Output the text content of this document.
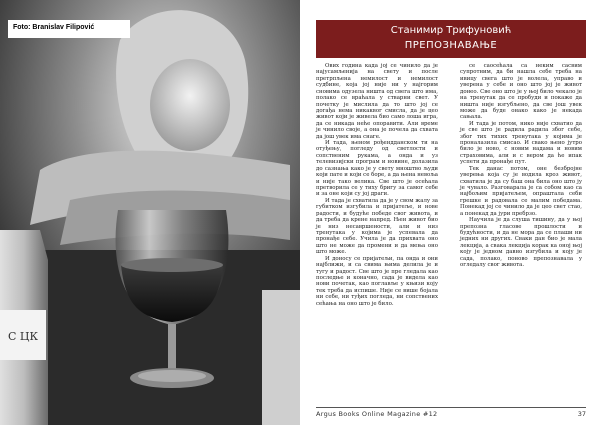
С ЦК
Foto: Branislav Filipović	Станимир Трифуновић
ПРЕПОЗНАВАЊЕ

Ових година када јој се чинило да је најусамљенија на свету и после претрпљена немилост и немилост судбине, која јој није ни у најгорим сновима одузела ништа од свега што има, полако се враћала у стварни свет. У почетку је мислила да то што јој се догађа нема никаквог смисла, да је цео живот који је живела био само лоша игра, да се никада неће опоравити. Али време је чинило своје, а она је почела да схвата да још увек има снаге.

И тада, њеном рођендданском ти на отуђењу, погледу од светлости и сопственим рукама, а онда и уз телевизијски програм и новине, долазила до сазнања како је у свету мноштво људи који пате и који се боре, а да њена невоља и није тако велика. Све што је осећала претворила се у тиху бригу за самог себе и за оне који су јој драги.

И тада је схватила да је у свом жалу за губитком изгубила и пријатеље, и нове радости, и будуће победе свог живота, и да треба да крене напред. Њен живот био је низ несавршености, али и низ тренутака у којима је успевала да пронађе себе. Учила је да прихвата оно што не може да промени и да мења оно што може.

И доносу се пријатељи, па онда и они најближи, и са свима њима делила је и тугу и радост. Све што је пре гледала као последње и коначно, сада је видела као нови почетак, као поглавље у књизи коју тек треба да испише. Није се више бојала ни себе, ни туђих погледа, ни сопствених сећања на оно што је било.

се саосећала са неким сасвим супротним, да би нашла себе треба на ивицу свега што је волела, управо и уверена у себе и оно што јој је живот донео. Све оно што је у њој било чекало је на тренутак да се пробуди и покаже да ништа није изгубљено, да све још увек може да буде онако како је некада сањала.

И тада је потом, нико није схватио да је све што је радила радила због себе, због тих тихих тренутака у којима је проналазила смисао. И свако њено јутро било је ново, с новим надама и новим страховима, али и с вером да ће ипак успети да пронађе пут.

Тек данас потом, оне безбројне уверења која су је водила кроз живот, схватила је да су баш она била оно што ју је чувало. Разговарала је са собом као са најбољим пријатељем, опраштала себи грешке и радовала се малим победама. Понекад јој се чинило да је цео свет стао, а понекад да јури пребрзо.

Научила је да слуша тишину, да у њој препозна гласове прошлости и будућности, и да не мора да се плаши ни једних ни других. Сваки дан био је мала лекција, а свака лекција корак ка оној њој коју је једном давно изгубила и коју је сада, полако, поново препознавала у огледалу свог живота.

Argus Books Online Magazine #12	37
